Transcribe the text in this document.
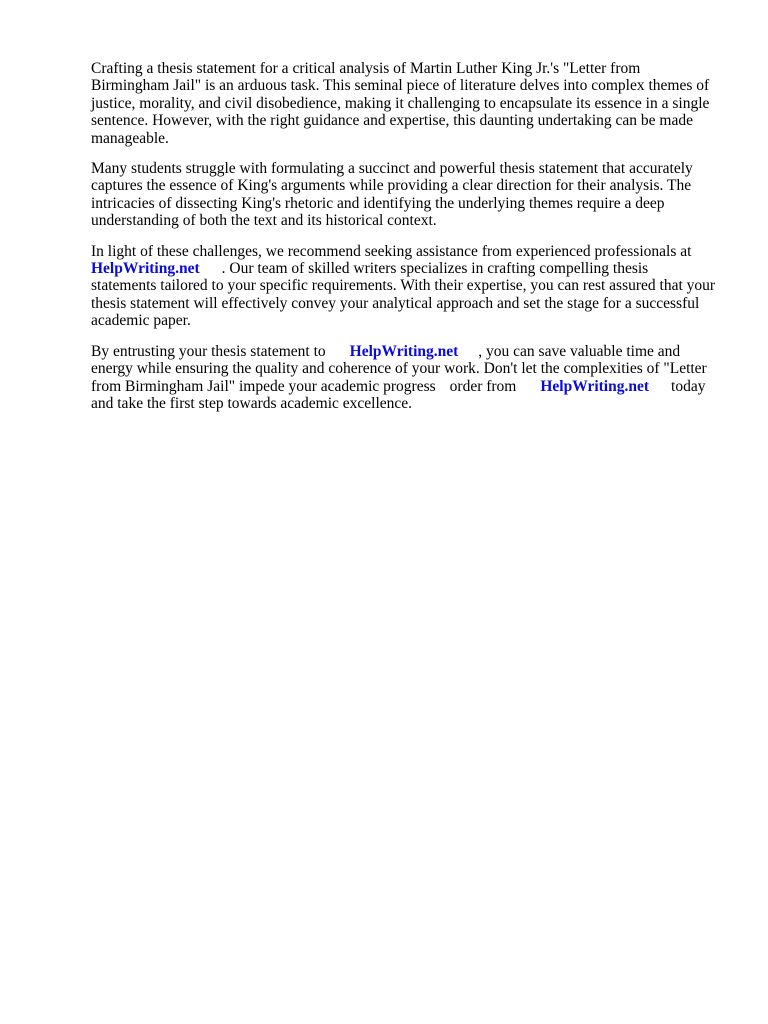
Crafting a thesis statement for a critical analysis of Martin Luther King Jr.'s "Letter from Birmingham Jail" is an arduous task. This seminal piece of literature delves into complex themes of justice, morality, and civil disobedience, making it challenging to encapsulate its essence in a single sentence. However, with the right guidance and expertise, this daunting undertaking can be made manageable.

Many students struggle with formulating a succinct and powerful thesis statement that accurately captures the essence of King's arguments while providing a clear direction for their analysis. The intricacies of dissecting King's rhetoric and identifying the underlying themes require a deep understanding of both the text and its historical context.

In light of these challenges, we recommend seeking assistance from experienced professionals at
HelpWriting.net . Our team of skilled writers specializes in crafting compelling thesis statements tailored to your specific requirements. With their expertise, you can rest assured that your thesis statement will effectively convey your analytical approach and set the stage for a successful academic paper.

By entrusting your thesis statement to HelpWriting.net , you can save valuable time and energy while ensuring the quality and coherence of your work. Don't let the complexities of "Letter from Birmingham Jail" impede your academic progress order from HelpWriting.net today and take the first step towards academic excellence.
